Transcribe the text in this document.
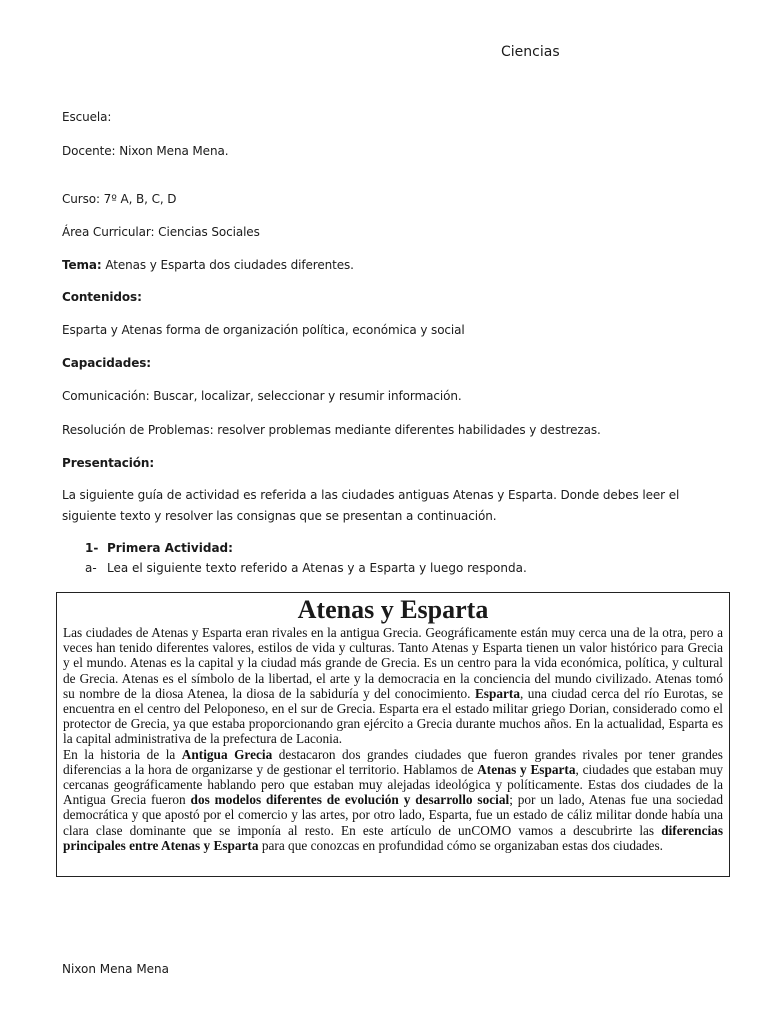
Ciencias
Escuela:
Docente: Nixon Mena Mena.
Curso: 7º A, B, C, D
Área Curricular: Ciencias Sociales
Tema: Atenas y Esparta dos ciudades diferentes.
Contenidos:
Esparta y Atenas forma de organización política, económica y social
Capacidades:
Comunicación: Buscar, localizar, seleccionar y resumir información.
Resolución de Problemas: resolver problemas mediante diferentes habilidades y destrezas.
Presentación:
La siguiente guía de actividad es referida a las ciudades antiguas Atenas y Esparta. Donde debes leer el siguiente texto y resolver las consignas que se presentan a continuación.
1- Primera Actividad:
a- Lea el siguiente texto referido a Atenas y a Esparta y luego responda.
Atenas y Esparta
Las ciudades de Atenas y Esparta eran rivales en la antigua Grecia. Geográficamente están muy cerca una de la otra, pero a veces han tenido diferentes valores, estilos de vida y culturas. Tanto Atenas y Esparta tienen un valor histórico para Grecia y el mundo. Atenas es la capital y la ciudad más grande de Grecia. Es un centro para la vida económica, política, y cultural de Grecia. Atenas es el símbolo de la libertad, el arte y la democracia en la conciencia del mundo civilizado. Atenas tomó su nombre de la diosa Atenea, la diosa de la sabiduría y del conocimiento. Esparta, una ciudad cerca del río Eurotas, se encuentra en el centro del Peloponeso, en el sur de Grecia. Esparta era el estado militar griego Dorian, considerado como el protector de Grecia, ya que estaba proporcionando gran ejército a Grecia durante muchos años. En la actualidad, Esparta es la capital administrativa de la prefectura de Laconia.
En la historia de la Antigua Grecia destacaron dos grandes ciudades que fueron grandes rivales por tener grandes diferencias a la hora de organizarse y de gestionar el territorio. Hablamos de Atenas y Esparta, ciudades que estaban muy cercanas geográficamente hablando pero que estaban muy alejadas ideológica y políticamente. Estas dos ciudades de la Antigua Grecia fueron dos modelos diferentes de evolución y desarrollo social; por un lado, Atenas fue una sociedad democrática y que apostó por el comercio y las artes, por otro lado, Esparta, fue un estado de cáliz militar donde había una clara clase dominante que se imponía al resto. En este artículo de unCOMO vamos a descubrirte las diferencias principales entre Atenas y Esparta para que conozcas en profundidad cómo se organizaban estas dos ciudades.
Nixon Mena Mena
